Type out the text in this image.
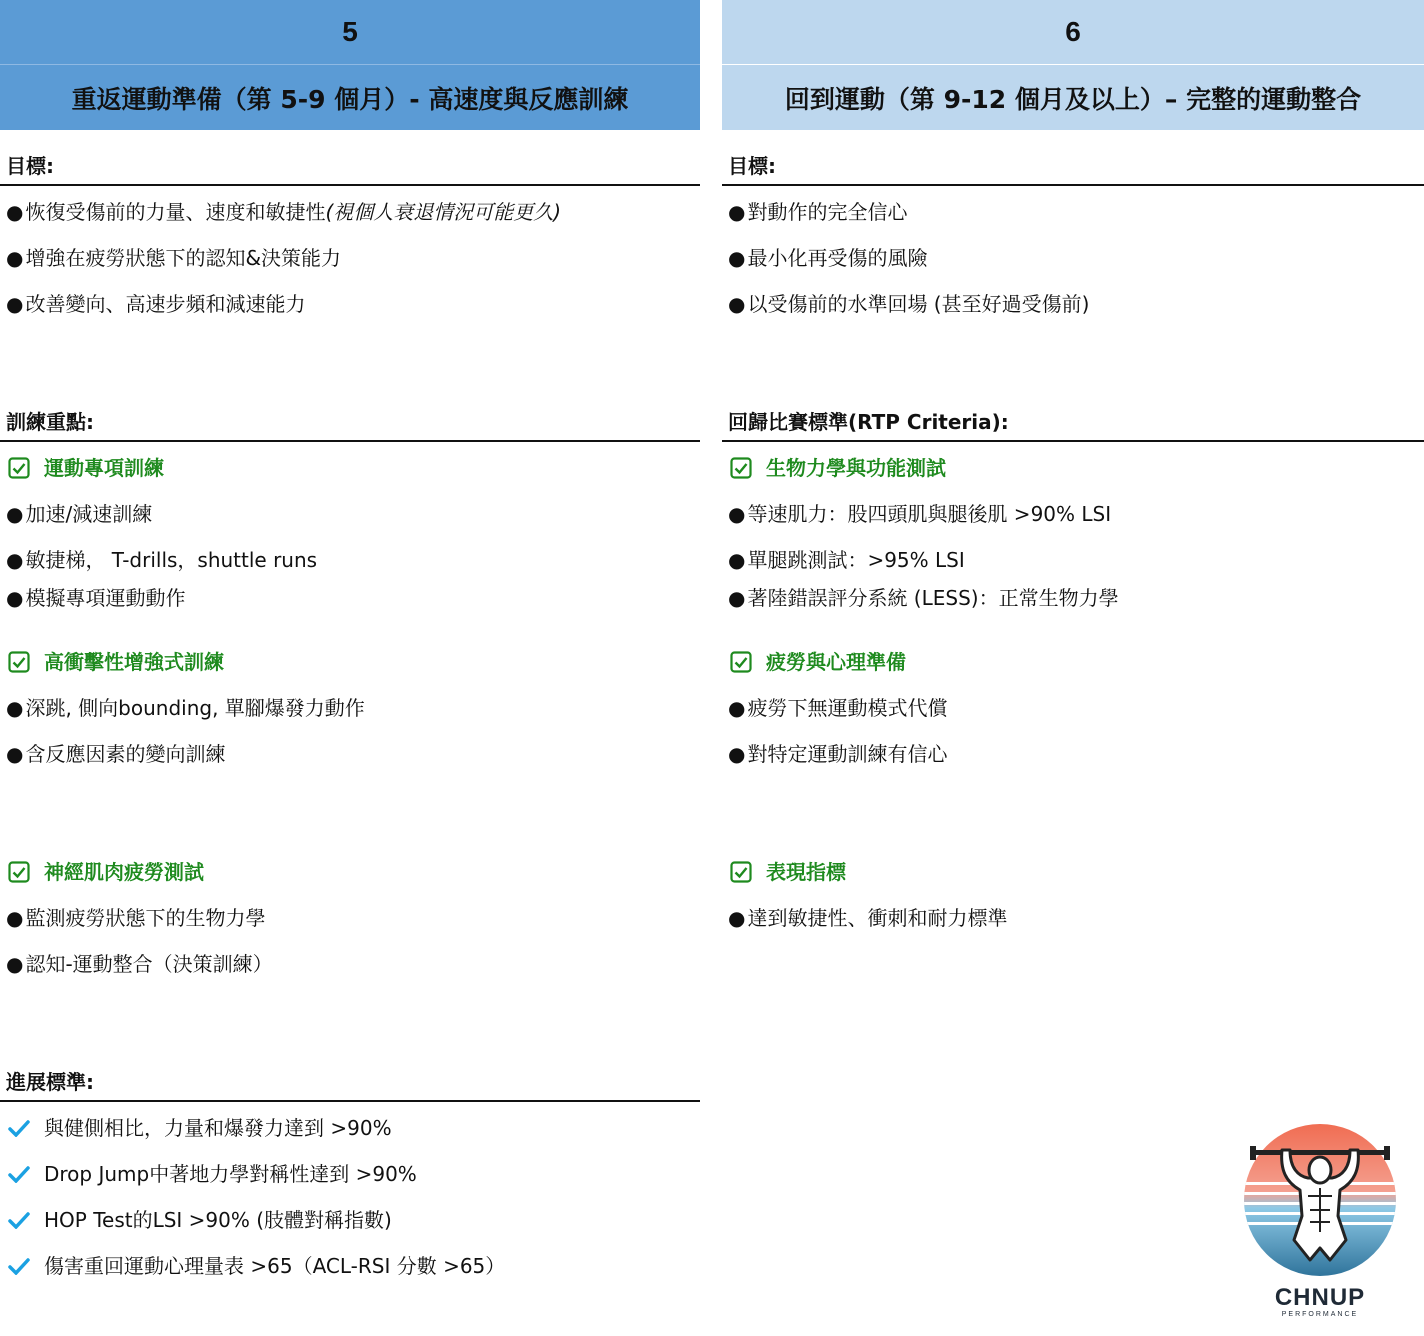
5
重返運動準備（第 5-9 個月）- 高速度與反應訓練
6
回到運動（第 9-12 個月及以上）– 完整的運動整合
目標:
● 恢復受傷前的力量、速度和敏捷性(視個人衰退情況可能更久)
● 增強在疲勞狀態下的認知&決策能力
● 改善變向、高速步頻和減速能力
目標:
● 對動作的完全信心
● 最小化再受傷的風險
● 以受傷前的水準回場 (甚至好過受傷前)
訓練重點:
運動專項訓練
● 加速/減速訓練
● 敏捷梯， T-drills，shuttle runs
● 模擬專項運動動作
高衝擊性增強式訓練
● 深跳, 側向bounding, 單腳爆發力動作
● 含反應因素的變向訓練
神經肌肉疲勞測試
● 監測疲勞狀態下的生物力學
● 認知-運動整合（決策訓練）
回歸比賽標準(RTP Criteria):
生物力學與功能測試
● 等速肌力：股四頭肌與腿後肌 >90% LSI
● 單腿跳測試：>95% LSI
● 著陸錯誤評分系統 (LESS)：正常生物力學
疲勞與心理準備
● 疲勞下無運動模式代償
● 對特定運動訓練有信心
表現指標
● 達到敏捷性、衝刺和耐力標準
進展標準:
與健側相比，力量和爆發力達到 >90%
Drop Jump中著地力學對稱性達到 >90%
HOP Test的LSI >90% (肢體對稱指數)
傷害重回運動心理量表 >65（ACL-RSI 分數 >65）
CHNUP
PERFORMANCE
